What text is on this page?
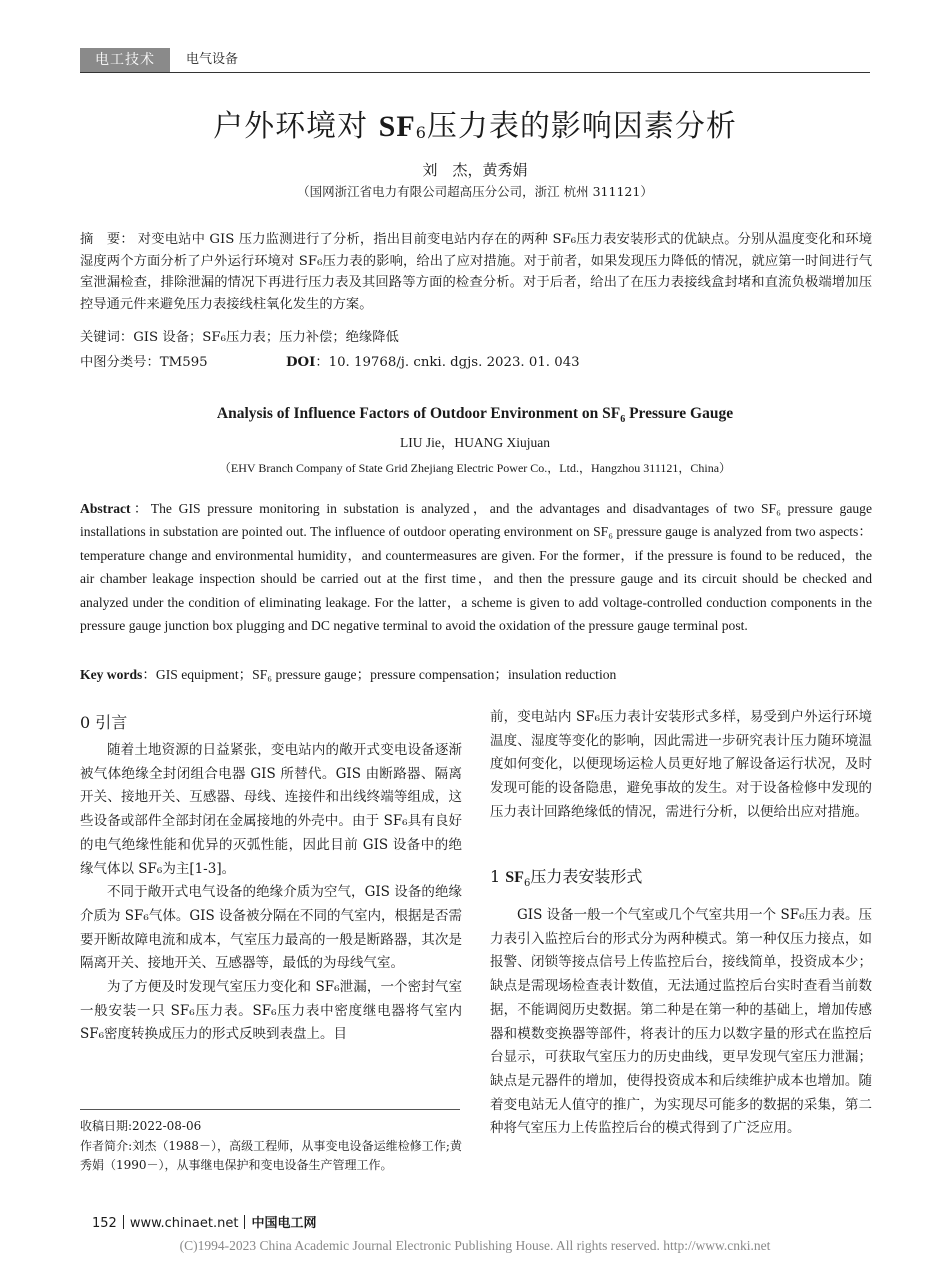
电工技术	电气设备
户外环境对 $SF_6$压力表的影响因素分析
刘　杰，黄秀娟
（国网浙江省电力有限公司超高压分公司，浙江 杭州 311121）

摘　要： 对变电站中 GIS 压力监测进行了分析，指出目前变电站内存在的两种 SF₆压力表安装形式的优缺点。分别从温度变化和环境湿度两个方面分析了户外运行环境对 SF₆压力表的影响，给出了应对措施。对于前者，如果发现压力降低的情况，就应第一时间进行气室泄漏检查，排除泄漏的情况下再进行压力表及其回路等方面的检查分析。对于后者，给出了在压力表接线盒封堵和直流负极端增加压控导通元件来避免压力表接线柱氧化发生的方案。

关键词：GIS 设备；SF₆压力表；压力补偿；绝缘降低

中图分类号：TM595	DOI：10. 19768/j. cnki. dgjs. 2023. 01. 043

Analysis of Influence Factors of Outdoor Environment on $SF_6$ Pressure Gauge
LIU Jie，HUANG Xiujuan
（EHV Branch Company of State Grid Zhejiang Electric Power Co.，Ltd.，Hangzhou 311121，China）

Abstract：The GIS pressure monitoring in substation is analyzed，and the advantages and disadvantages of two SF₆ pressure gauge installations in substation are pointed out. The influence of outdoor operating environment on SF₆ pressure gauge is analyzed from two aspects：temperature change and environmental humidity，and countermeasures are given. For the former，if the pressure is found to be reduced，the air chamber leakage inspection should be carried out at the first time，and then the pressure gauge and its circuit should be checked and analyzed under the condition of eliminating leakage. For the latter，a scheme is given to add voltage-controlled conduction components in the pressure gauge junction box plugging and DC negative terminal to avoid the oxidation of the pressure gauge terminal post.

Key words：GIS equipment；SF₆ pressure gauge；pressure compensation；insulation reduction
0 引言

随着土地资源的日益紧张，变电站内的敞开式变电设备逐渐被气体绝缘全封闭组合电器 GIS 所替代。GIS 由断路器、隔离开关、接地开关、互感器、母线、连接件和出线终端等组成，这些设备或部件全部封闭在金属接地的外壳中。由于 SF₆具有良好的电气绝缘性能和优异的灭弧性能，因此目前 GIS 设备中的绝缘气体以 SF₆为主[1-3]。

不同于敞开式电气设备的绝缘介质为空气，GIS 设备的绝缘介质为 SF₆气体。GIS 设备被分隔在不同的气室内，根据是否需要开断故障电流和成本，气室压力最高的一般是断路器，其次是隔离开关、接地开关、互感器等，最低的为母线气室。

为了方便及时发现气室压力变化和 SF₆泄漏，一个密封气室一般安装一只 SF₆压力表。SF₆压力表中密度继电器将气室内 SF₆密度转换成压力的形式反映到表盘上。目

前，变电站内 SF₆压力表计安装形式多样，易受到户外运行环境温度、湿度等变化的影响，因此需进一步研究表计压力随环境温度如何变化，以便现场运检人员更好地了解设备运行状况，及时发现可能的设备隐患，避免事故的发生。对于设备检修中发现的压力表计回路绝缘低的情况，需进行分析，以便给出应对措施。

1 $SF_6$压力表安装形式

GIS 设备一般一个气室或几个气室共用一个 SF₆压力表。压力表引入监控后台的形式分为两种模式。第一种仅压力接点，如报警、闭锁等接点信号上传监控后台，接线简单，投资成本少；缺点是需现场检查表计数值，无法通过监控后台实时查看当前数据，不能调阅历史数据。第二种是在第一种的基础上，增加传感器和模数变换器等部件，将表计的压力以数字量的形式在监控后台显示，可获取气室压力的历史曲线，更早发现气室压力泄漏；缺点是元器件的增加，使得投资成本和后续维护成本也增加。随着变电站无人值守的推广，为实现尽可能多的数据的采集，第二种将气室压力上传监控后台的模式得到了广泛应用。

收稿日期:2022-08-06

作者简介:刘杰（1988－），高级工程师，从事变电设备运维检修工作;黄秀娟（1990－），从事继电保护和变电设备生产管理工作。

152 www.chinaet.net 中国电工网
(C)1994-2023 China Academic Journal Electronic Publishing House. All rights reserved. http://www.cnki.net
